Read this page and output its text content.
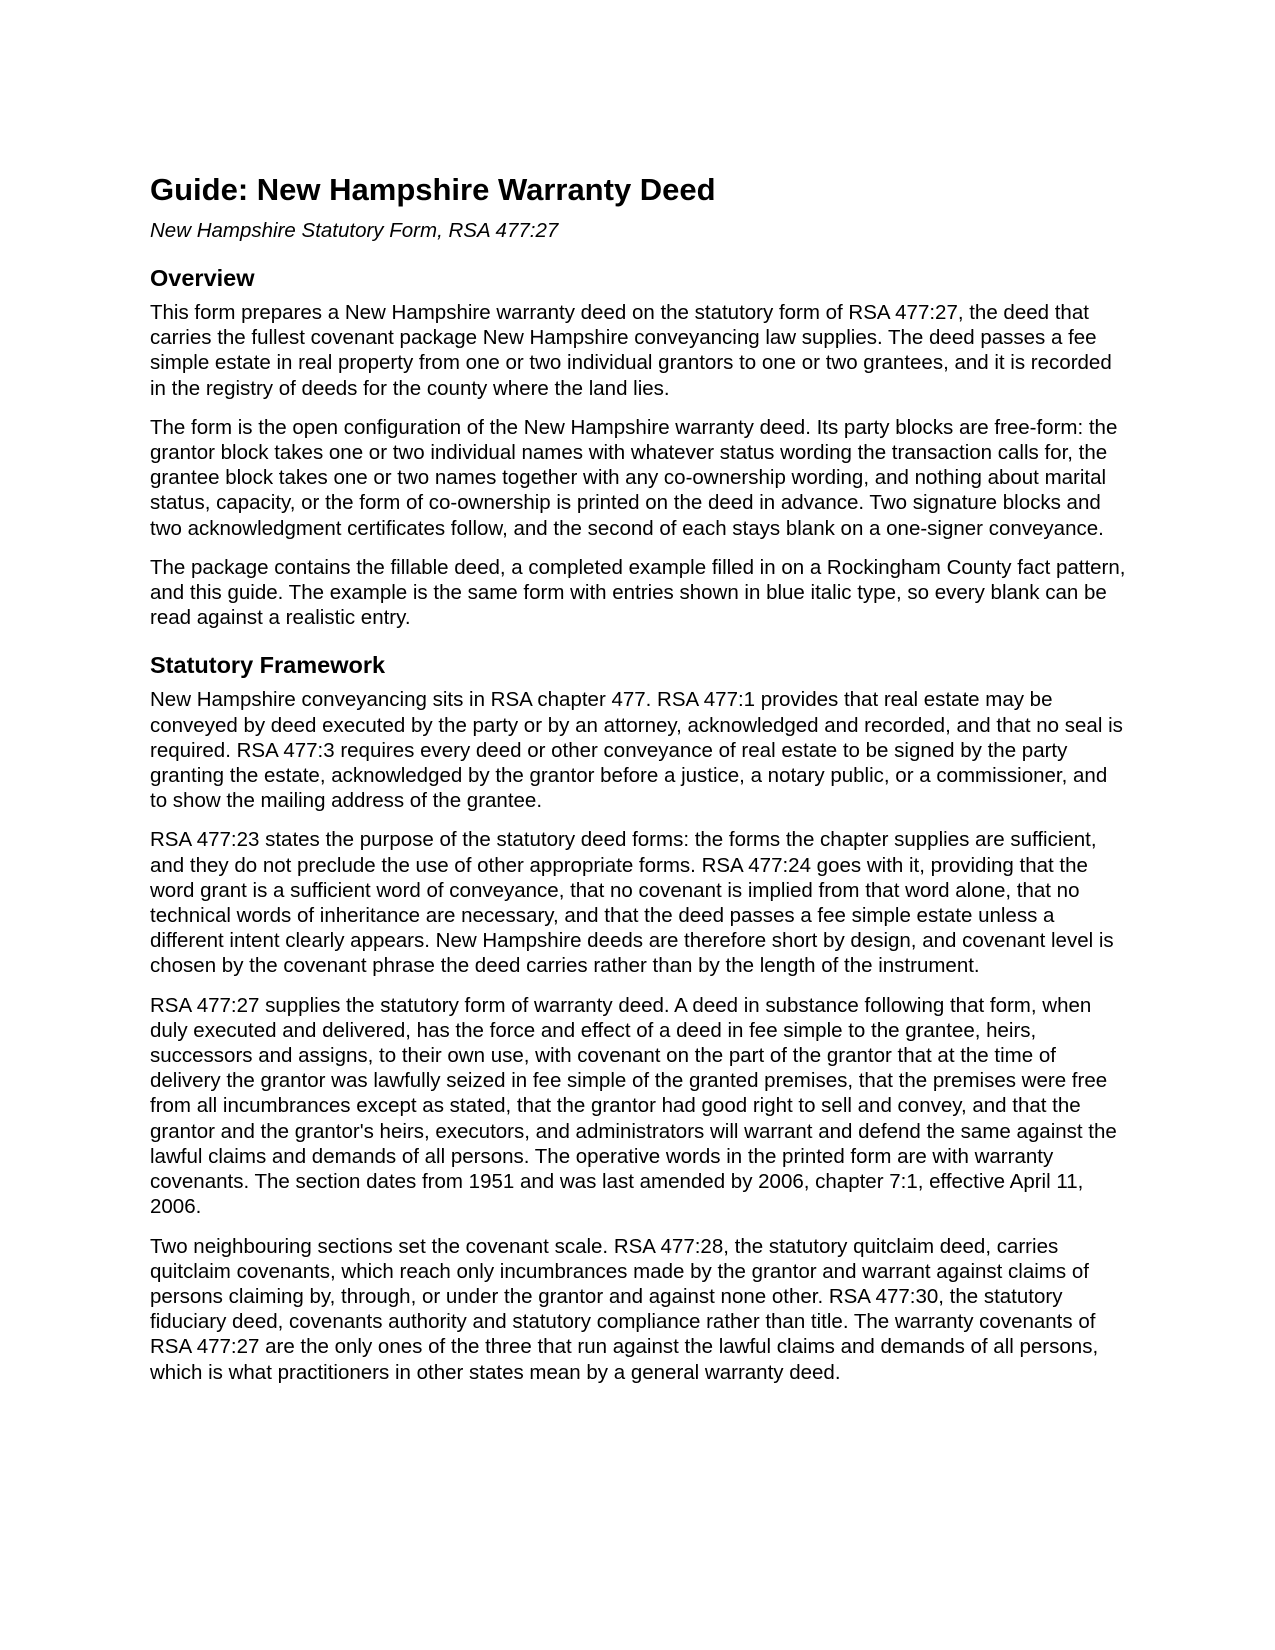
Guide: New Hampshire Warranty Deed
New Hampshire Statutory Form, RSA 477:27
Overview

This form prepares a New Hampshire warranty deed on the statutory form of RSA 477:27, the deed that carries the fullest covenant package New Hampshire conveyancing law supplies. The deed passes a fee simple estate in real property from one or two individual grantors to one or two grantees, and it is recorded in the registry of deeds for the county where the land lies.

The form is the open configuration of the New Hampshire warranty deed. Its party blocks are free-form: the grantor block takes one or two individual names with whatever status wording the transaction calls for, the grantee block takes one or two names together with any co-ownership wording, and nothing about marital status, capacity, or the form of co-ownership is printed on the deed in advance. Two signature blocks and two acknowledgment certificates follow, and the second of each stays blank on a one-signer conveyance.

The package contains the fillable deed, a completed example filled in on a Rockingham County fact pattern, and this guide. The example is the same form with entries shown in blue italic type, so every blank can be read against a realistic entry.

Statutory Framework

New Hampshire conveyancing sits in RSA chapter 477. RSA 477:1 provides that real estate may be conveyed by deed executed by the party or by an attorney, acknowledged and recorded, and that no seal is required. RSA 477:3 requires every deed or other conveyance of real estate to be signed by the party granting the estate, acknowledged by the grantor before a justice, a notary public, or a commissioner, and to show the mailing address of the grantee.

RSA 477:23 states the purpose of the statutory deed forms: the forms the chapter supplies are sufficient, and they do not preclude the use of other appropriate forms. RSA 477:24 goes with it, providing that the word grant is a sufficient word of conveyance, that no covenant is implied from that word alone, that no technical words of inheritance are necessary, and that the deed passes a fee simple estate unless a different intent clearly appears. New Hampshire deeds are therefore short by design, and covenant level is chosen by the covenant phrase the deed carries rather than by the length of the instrument.

RSA 477:27 supplies the statutory form of warranty deed. A deed in substance following that form, when duly executed and delivered, has the force and effect of a deed in fee simple to the grantee, heirs, successors and assigns, to their own use, with covenant on the part of the grantor that at the time of delivery the grantor was lawfully seized in fee simple of the granted premises, that the premises were free from all incumbrances except as stated, that the grantor had good right to sell and convey, and that the grantor and the grantor's heirs, executors, and administrators will warrant and defend the same against the lawful claims and demands of all persons. The operative words in the printed form are with warranty covenants. The section dates from 1951 and was last amended by 2006, chapter 7:1, effective April 11, 2006.

Two neighbouring sections set the covenant scale. RSA 477:28, the statutory quitclaim deed, carries quitclaim covenants, which reach only incumbrances made by the grantor and warrant against claims of persons claiming by, through, or under the grantor and against none other. RSA 477:30, the statutory fiduciary deed, covenants authority and statutory compliance rather than title. The warranty covenants of RSA 477:27 are the only ones of the three that run against the lawful claims and demands of all persons, which is what practitioners in other states mean by a general warranty deed.
